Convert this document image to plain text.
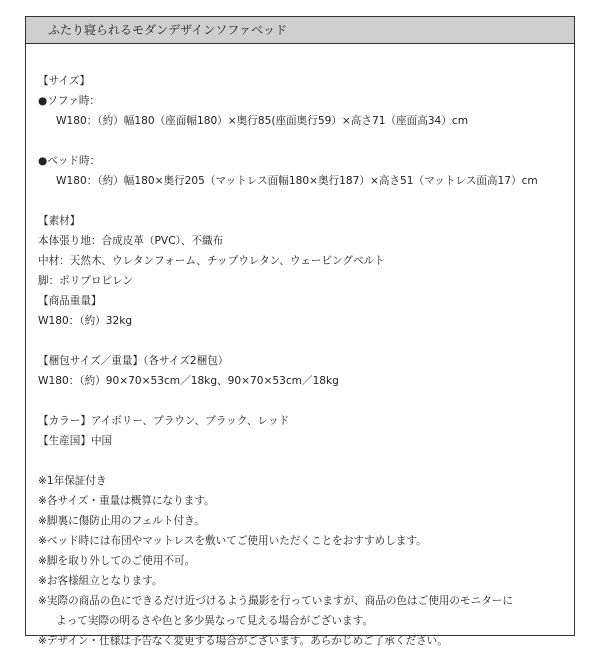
ふたり寝られるモダンデザインソファベッド
【サイズ】
●ソファ時：
W180：（約）幅180（座面幅180）×奥行85(座面奥行59）×高さ71（座面高34）cm
●ベッド時：
W180：（約）幅180×奥行205（マットレス面幅180×奥行187）×高さ51（マットレス面高17）cm
【素材】
本体張り地：合成皮革（PVC）、不織布
中材：天然木、ウレタンフォーム、チップウレタン、ウェービングベルト
脚：ポリプロピレン
【商品重量】
W180：（約）32kg
【梱包サイズ／重量】（各サイズ2梱包）
W180：（約）90×70×53cm／18kg、90×70×53cm／18kg
【カラー】アイボリー、ブラウン、ブラック、レッド
【生産国】中国
※1年保証付き
※各サイズ・重量は概算になります。
※脚裏に傷防止用のフェルト付き。
※ベッド時には布団やマットレスを敷いてご使用いただくことをおすすめします。
※脚を取り外してのご使用不可。
※お客様組立となります。
※実際の商品の色にできるだけ近づけるよう撮影を行っていますが、商品の色はご使用のモニターに
よって実際の明るさや色と多少異なって見える場合がございます。
※デザイン・仕様は予告なく変更する場合がございます。あらかじめご了承ください。
